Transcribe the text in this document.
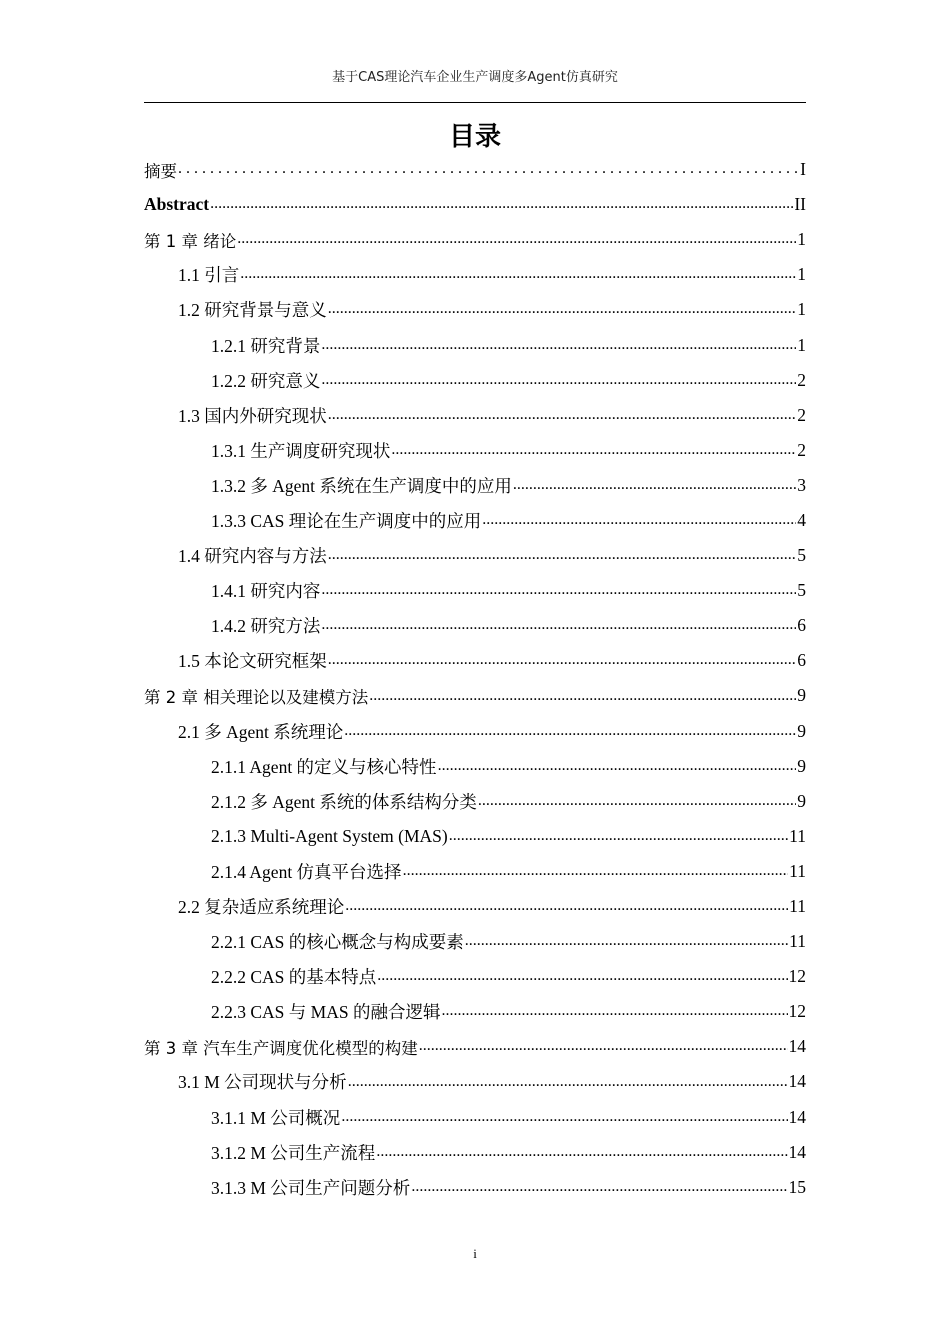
基于CAS理论汽车企业生产调度多Agent仿真研究
目录
摘要 . . .	I
Abstract .....	II
第 1 章 绪论 .....	1
1.1 引言 .....	1
1.2 研究背景与意义 .....	1
1.2.1 研究背景 .....	1
1.2.2 研究意义 .....	2
1.3 国内外研究现状 .....	2
1.3.1 生产调度研究现状 .....	2
1.3.2 多 Agent 系统在生产调度中的应用 .....	3
1.3.3 CAS 理论在生产调度中的应用 .....	4
1.4 研究内容与方法 .....	5
1.4.1 研究内容 .....	5
1.4.2 研究方法 .....	6
1.5 本论文研究框架 .....	6
第 2 章 相关理论以及建模方法 .....	9
2.1 多 Agent 系统理论 .....	9
2.1.1 Agent 的定义与核心特性 .....	9
2.1.2 多 Agent 系统的体系结构分类 .....	9
2.1.3 Multi-Agent System (MAS) .....	11
2.1.4 Agent 仿真平台选择 .....	11
2.2 复杂适应系统理论 .....	11
2.2.1 CAS 的核心概念与构成要素 .....	11
2.2.2 CAS 的基本特点 .....	12
2.2.3 CAS 与 MAS 的融合逻辑 .....	12
第 3 章 汽车生产调度优化模型的构建 .....	14
3.1 M 公司现状与分析 .....	14
3.1.1 M 公司概况 .....	14
3.1.2 M 公司生产流程 .....	14
3.1.3 M 公司生产问题分析 .....	15
i
